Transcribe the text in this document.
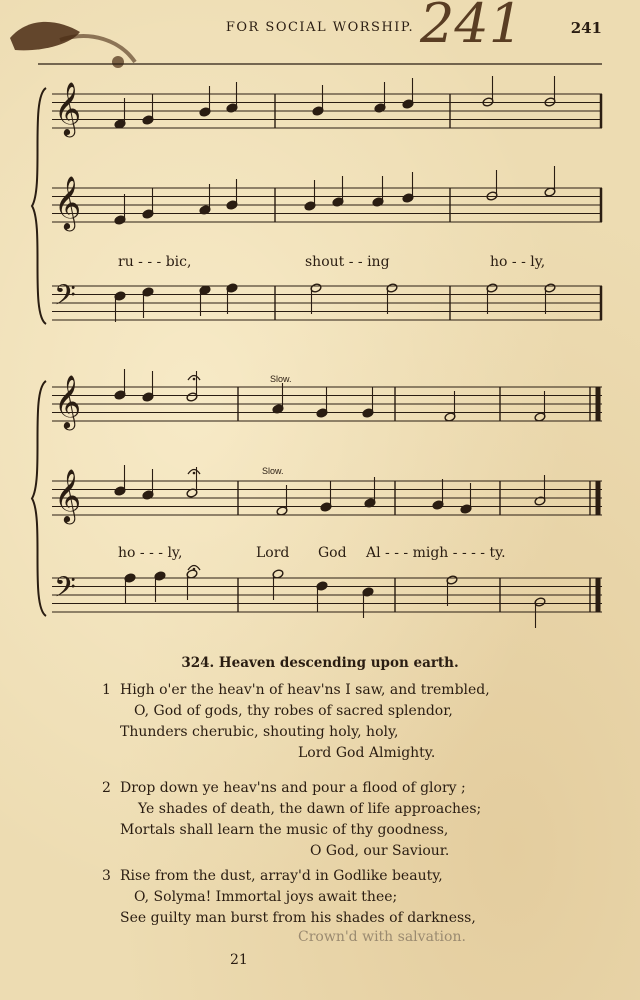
FOR SOCIAL WORSHIP. 241	241
𝄞
𝄞
𝄢
𝄞
𝄞
𝄢
ru - - - bic,	shout - - ing	ho - - ly,
ho - - - ly,	Lord God Al - - - migh - - - - ty.
Slow.
Slow.
324. Heaven descending upon earth.
1 High o'er the heav'n of heav'ns I saw, and trembled,
O, God of gods, thy robes of sacred splendor,
Thunders cherubic, shouting holy, holy,
Lord God Almighty.
2 Drop down ye heav'ns and pour a flood of glory ;
Ye shades of death, the dawn of life approaches;
Mortals shall learn the music of thy goodness,
O God, our Saviour.
3 Rise from the dust, array'd in Godlike beauty,
O, Solyma! Immortal joys await thee;
See guilty man burst from his shades of darkness,
Crown'd with salvation.
21
